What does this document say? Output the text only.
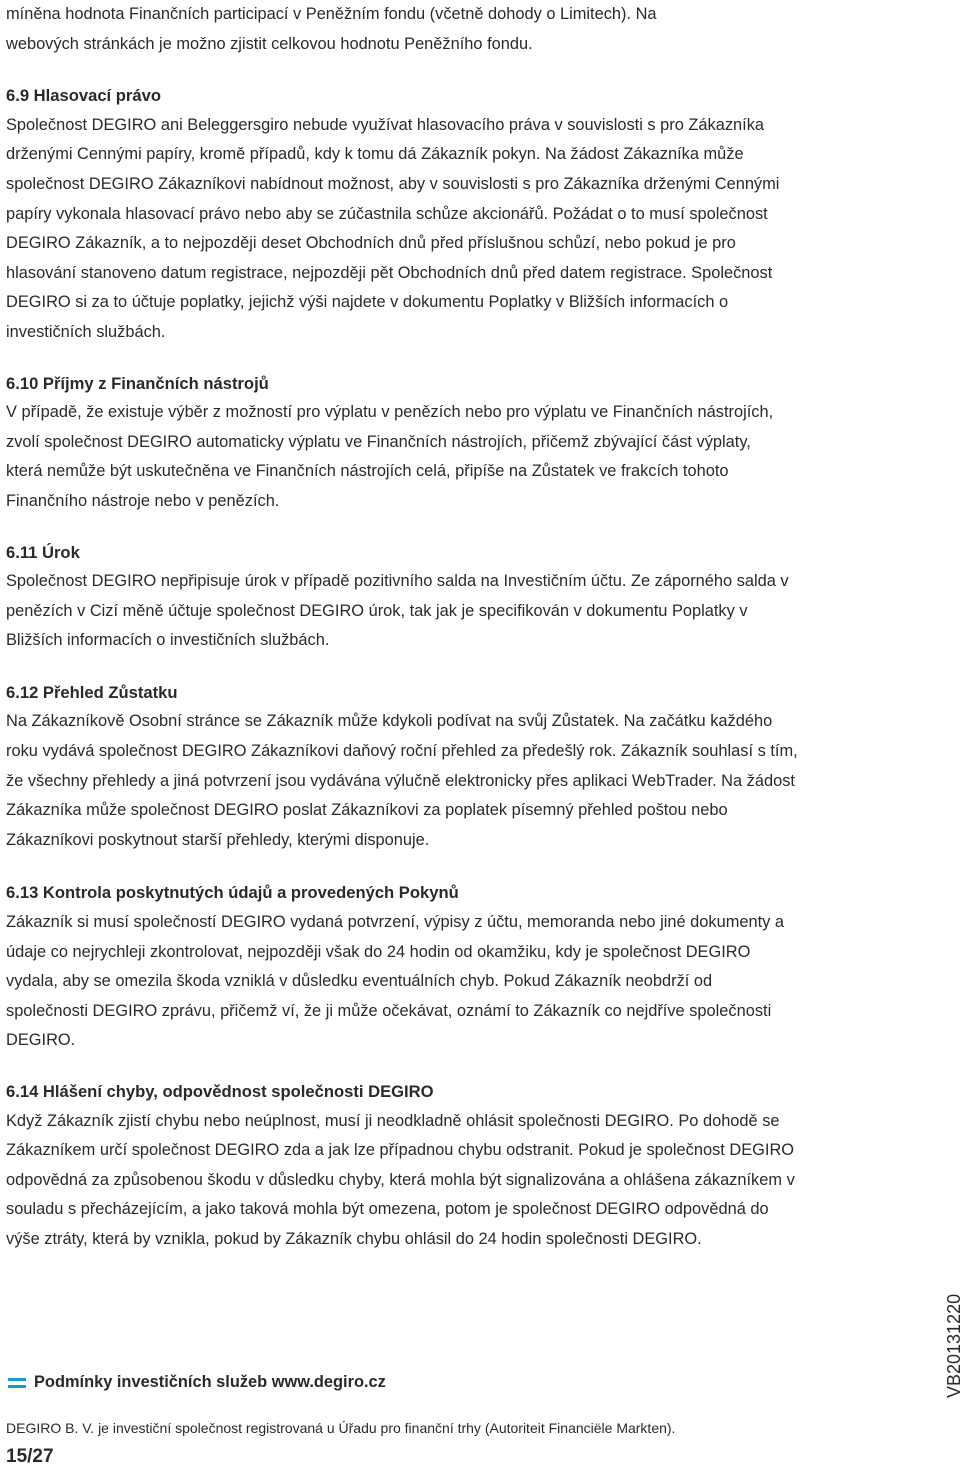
míněna hodnota Finančních participací v Peněžním fondu (včetně dohody o Limitech). Na webových stránkách je možno zjistit celkovou hodnotu Peněžního fondu.

6.9 Hlasovací právo

Společnost DEGIRO ani Beleggersgiro nebude využívat hlasovacího práva v souvislosti s pro Zákazníka drženými Cennými papíry, kromě případů, kdy k tomu dá Zákazník pokyn. Na žádost Zákazníka může společnost DEGIRO Zákazníkovi nabídnout možnost, aby v souvislosti s pro Zákazníka drženými Cennými papíry vykonala hlasovací právo nebo aby se zúčastnila schůze akcionářů. Požádat o to musí společnost DEGIRO Zákazník, a to nejpozději deset Obchodních dnů před příslušnou schůzí, nebo pokud je pro hlasování stanoveno datum registrace, nejpozději pět Obchodních dnů před datem registrace. Společnost DEGIRO si za to účtuje poplatky, jejichž výši najdete v dokumentu Poplatky v Bližších informacích o investičních službách.

6.10 Příjmy z Finančních nástrojů

V případě, že existuje výběr z možností pro výplatu v penězích nebo pro výplatu ve Finančních nástrojích, zvolí společnost DEGIRO automaticky výplatu ve Finančních nástrojích, přičemž zbývající část výplaty, která nemůže být uskutečněna ve Finančních nástrojích celá, připíše na Zůstatek ve frakcích tohoto Finančního nástroje nebo v penězích.

6.11 Úrok

Společnost DEGIRO nepřipisuje úrok v případě pozitivního salda na Investičním účtu. Ze záporného salda v penězích v Cizí měně účtuje společnost DEGIRO úrok, tak jak je specifikován v dokumentu Poplatky v Bližších informacích o investičních službách.

6.12 Přehled Zůstatku

Na Zákazníkově Osobní stránce se Zákazník může kdykoli podívat na svůj Zůstatek. Na začátku každého roku vydává společnost DEGIRO Zákazníkovi daňový roční přehled za předešlý rok. Zákazník souhlasí s tím, že všechny přehledy a jiná potvrzení jsou vydávána výlučně elektronicky přes aplikaci WebTrader. Na žádost Zákazníka může společnost DEGIRO poslat Zákazníkovi za poplatek písemný přehled poštou nebo Zákazníkovi poskytnout starší přehledy, kterými disponuje.

6.13 Kontrola poskytnutých údajů a provedených Pokynů

Zákazník si musí společností DEGIRO vydaná potvrzení, výpisy z účtu, memoranda nebo jiné dokumenty a údaje co nejrychleji zkontrolovat, nejpozději však do 24 hodin od okamžiku, kdy je společnost DEGIRO vydala, aby se omezila škoda vzniklá v důsledku eventuálních chyb. Pokud Zákazník neobdrží od společnosti DEGIRO zprávu, přičemž ví, že ji může očekávat, oznámí to Zákazník co nejdříve společnosti DEGIRO.

6.14 Hlášení chyby, odpovědnost společnosti DEGIRO

Když Zákazník zjistí chybu nebo neúplnost, musí ji neodkladně ohlásit společnosti DEGIRO. Po dohodě se Zákazníkem určí společnost DEGIRO zda a jak lze případnou chybu odstranit. Pokud je společnost DEGIRO odpovědná za způsobenou škodu v důsledku chyby, která mohla být signalizována a ohlášena zákazníkem v souladu s přecházejícím, a jako taková mohla být omezena, potom je společnost DEGIRO odpovědná do výše ztráty, která by vznikla, pokud by Zákazník chybu ohlásil do 24 hodin společnosti DEGIRO.

Podmínky investičních služeb www.degiro.cz
DEGIRO B. V. je investiční společnost registrovaná u Úřadu pro finanční trhy (Autoriteit Financiële Markten).
15/27
VB20131220
